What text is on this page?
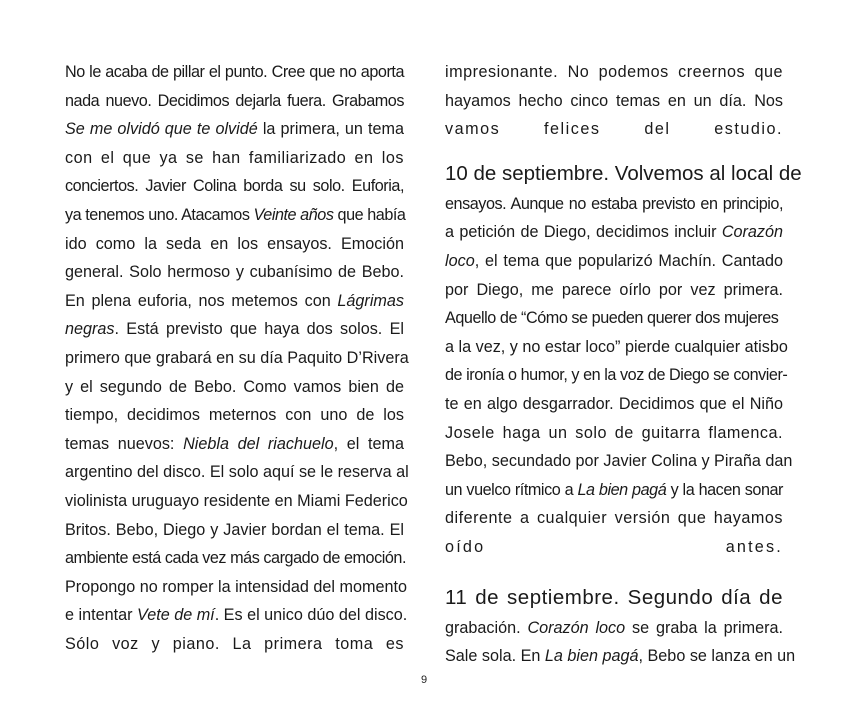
No le acaba de pillar el punto. Cree que no aporta
nada nuevo. Decidimos dejarla fuera. Grabamos
Se me olvidó que te olvidé la primera, un tema
con el que ya se han familiarizado en los
conciertos. Javier Colina borda su solo. Euforia,
ya tenemos uno. Atacamos Veinte años que había
ido como la seda en los ensayos. Emoción
general. Solo hermoso y cubanísimo de Bebo.
En plena euforia, nos metemos con Lágrimas
negras. Está previsto que haya dos solos. El
primero que grabará en su día Paquito D’Rivera
y el segundo de Bebo. Como vamos bien de
tiempo, decidimos meternos con uno de los
temas nuevos: Niebla del riachuelo, el tema
argentino del disco. El solo aquí se le reserva al
violinista uruguayo residente en Miami Federico
Britos. Bebo, Diego y Javier bordan el tema. El
ambiente está cada vez más cargado de emoción.
Propongo no romper la intensidad del momento
e intentar Vete de mí. Es el unico dúo del disco.
Sólo voz y piano. La primera toma es
impresionante. No podemos creernos que
hayamos hecho cinco temas en un día. Nos
vamos felices del estudio.
10 de septiembre. Volvemos al local de
ensayos. Aunque no estaba previsto en principio,
a petición de Diego, decidimos incluir Corazón
loco, el tema que popularizó Machín. Cantado
por Diego, me parece oírlo por vez primera.
Aquello de “Cómo se pueden querer dos mujeres
a la vez, y no estar loco” pierde cualquier atisbo
de ironía o humor, y en la voz de Diego se convier-
te en algo desgarrador. Decidimos que el Niño
Josele haga un solo de guitarra flamenca.
Bebo, secundado por Javier Colina y Piraña dan
un vuelco rítmico a La bien pagá y la hacen sonar
diferente a cualquier versión que hayamos
oído antes.
11 de septiembre. Segundo día de
grabación. Corazón loco se graba la primera.
Sale sola. En La bien pagá, Bebo se lanza en un
9
